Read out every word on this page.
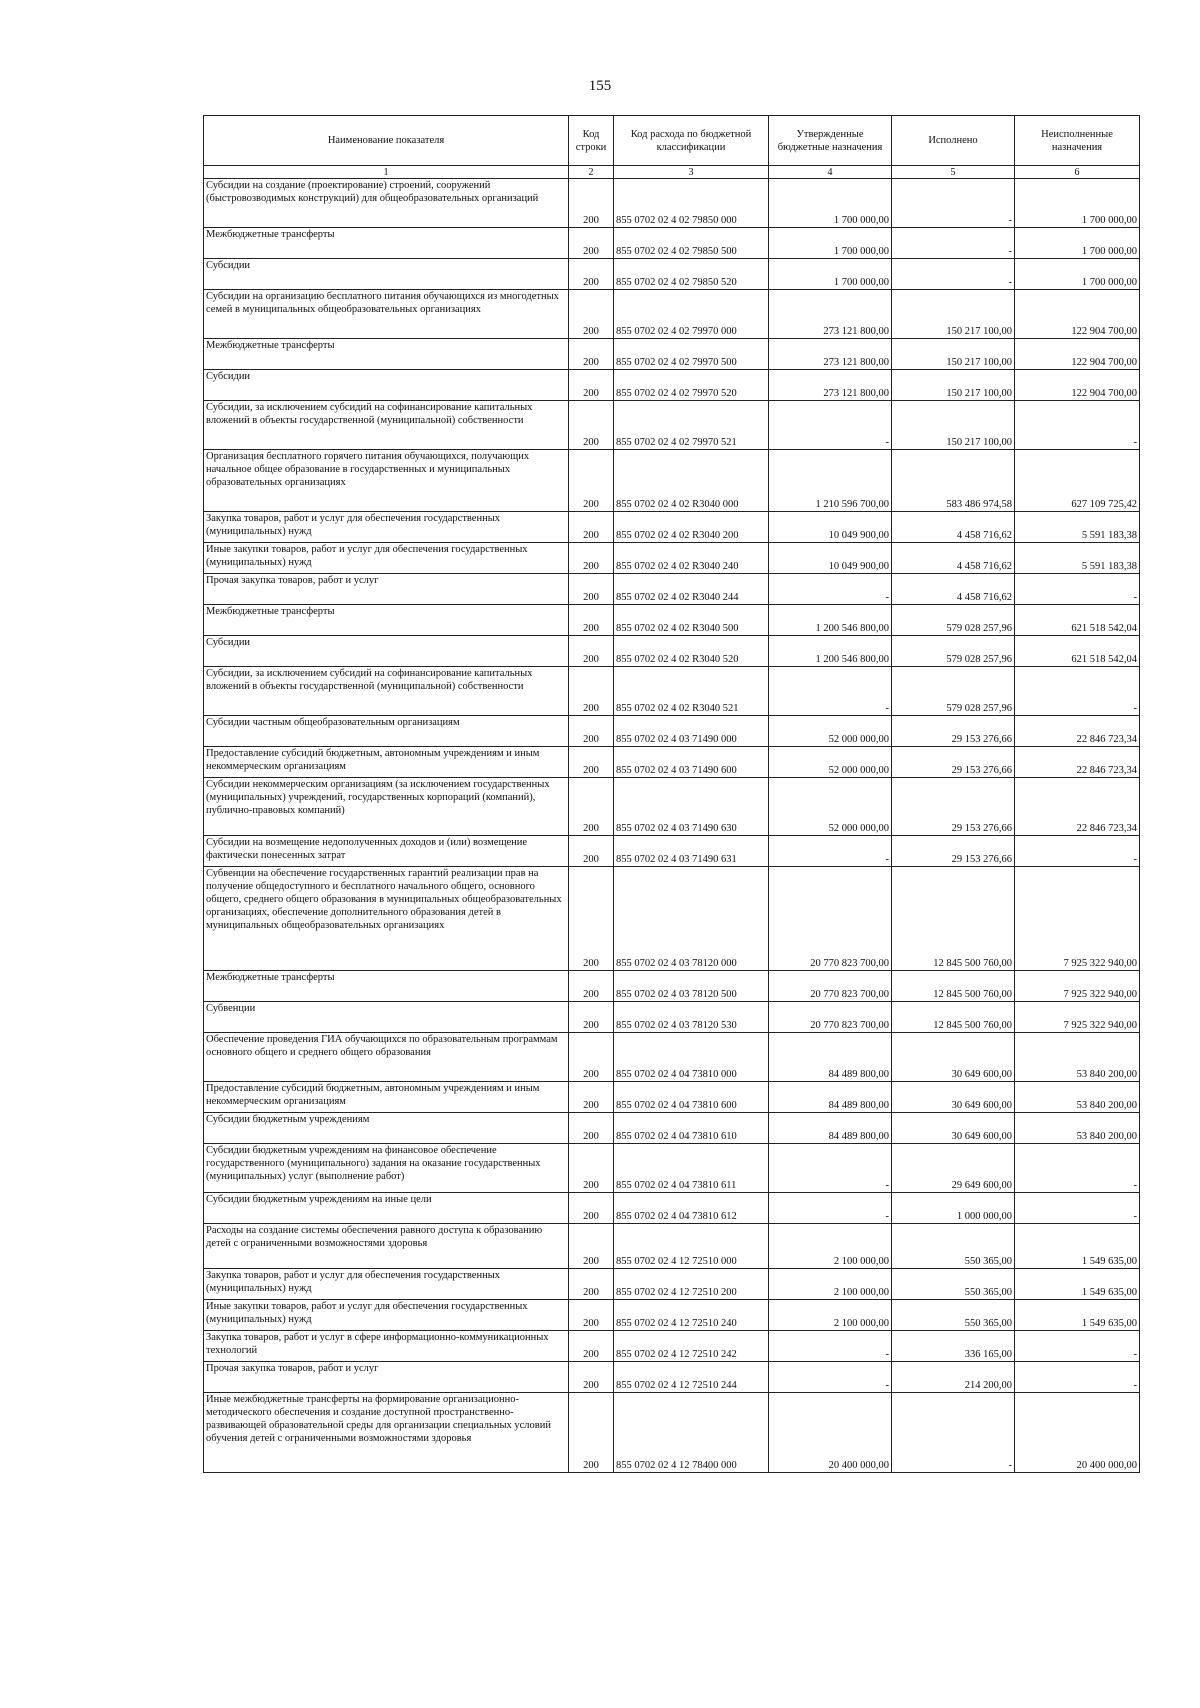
155
Наименование показателя	Код строки	Код расхода по бюджетной классификации	Утвержденные бюджетные назначения	Исполнено	Неисполненные назначения
1	2	3	4	5	6
Субсидии на создание (проектирование) строений, сооружений (быстровозводимых конструкций) для общеобразовательных организаций	200	855 0702 02 4 02 79850 000	1 700 000,00	-	1 700 000,00
Межбюджетные трансферты	200	855 0702 02 4 02 79850 500	1 700 000,00	-	1 700 000,00
Субсидии	200	855 0702 02 4 02 79850 520	1 700 000,00	-	1 700 000,00
Субсидии на организацию бесплатного питания обучающихся из многодетных семей в муниципальных общеобразовательных организациях	200	855 0702 02 4 02 79970 000	273 121 800,00	150 217 100,00	122 904 700,00
Межбюджетные трансферты	200	855 0702 02 4 02 79970 500	273 121 800,00	150 217 100,00	122 904 700,00
Субсидии	200	855 0702 02 4 02 79970 520	273 121 800,00	150 217 100,00	122 904 700,00
Субсидии, за исключением субсидий на софинансирование капитальных вложений в объекты государственной (муниципальной) собственности	200	855 0702 02 4 02 79970 521	-	150 217 100,00	-
Организация бесплатного горячего питания обучающихся, получающих начальное общее образование в государственных и муниципальных образовательных организациях	200	855 0702 02 4 02 R3040 000	1 210 596 700,00	583 486 974,58	627 109 725,42
Закупка товаров, работ и услуг для обеспечения государственных (муниципальных) нужд	200	855 0702 02 4 02 R3040 200	10 049 900,00	4 458 716,62	5 591 183,38
Иные закупки товаров, работ и услуг для обеспечения государственных (муниципальных) нужд	200	855 0702 02 4 02 R3040 240	10 049 900,00	4 458 716,62	5 591 183,38
Прочая закупка товаров, работ и услуг	200	855 0702 02 4 02 R3040 244	-	4 458 716,62	-
Межбюджетные трансферты	200	855 0702 02 4 02 R3040 500	1 200 546 800,00	579 028 257,96	621 518 542,04
Субсидии	200	855 0702 02 4 02 R3040 520	1 200 546 800,00	579 028 257,96	621 518 542,04
Субсидии, за исключением субсидий на софинансирование капитальных вложений в объекты государственной (муниципальной) собственности	200	855 0702 02 4 02 R3040 521	-	579 028 257,96	-
Субсидии частным общеобразовательным организациям	200	855 0702 02 4 03 71490 000	52 000 000,00	29 153 276,66	22 846 723,34
Предоставление субсидий бюджетным, автономным учреждениям и иным некоммерческим организациям	200	855 0702 02 4 03 71490 600	52 000 000,00	29 153 276,66	22 846 723,34
Субсидии некоммерческим организациям (за исключением государственных (муниципальных) учреждений, государственных корпораций (компаний), публично-правовых компаний)	200	855 0702 02 4 03 71490 630	52 000 000,00	29 153 276,66	22 846 723,34
Субсидии на возмещение недополученных доходов и (или) возмещение фактически понесенных затрат	200	855 0702 02 4 03 71490 631	-	29 153 276,66	-
Субвенции на обеспечение государственных гарантий реализации прав на получение общедоступного и бесплатного начального общего, основного общего, среднего общего образования в муниципальных общеобразовательных организациях, обеспечение дополнительного образования детей в муниципальных общеобразовательных организациях	200	855 0702 02 4 03 78120 000	20 770 823 700,00	12 845 500 760,00	7 925 322 940,00
Межбюджетные трансферты	200	855 0702 02 4 03 78120 500	20 770 823 700,00	12 845 500 760,00	7 925 322 940,00
Субвенции	200	855 0702 02 4 03 78120 530	20 770 823 700,00	12 845 500 760,00	7 925 322 940,00
Обеспечение проведения ГИА обучающихся по образовательным программам основного общего и среднего общего образования	200	855 0702 02 4 04 73810 000	84 489 800,00	30 649 600,00	53 840 200,00
Предоставление субсидий бюджетным, автономным учреждениям и иным некоммерческим организациям	200	855 0702 02 4 04 73810 600	84 489 800,00	30 649 600,00	53 840 200,00
Субсидии бюджетным учреждениям	200	855 0702 02 4 04 73810 610	84 489 800,00	30 649 600,00	53 840 200,00
Субсидии бюджетным учреждениям на финансовое обеспечение государственного (муниципального) задания на оказание государственных (муниципальных) услуг (выполнение работ)	200	855 0702 02 4 04 73810 611	-	29 649 600,00	-
Субсидии бюджетным учреждениям на иные цели	200	855 0702 02 4 04 73810 612	-	1 000 000,00	-
Расходы на создание системы обеспечения равного доступа к образованию детей с ограниченными возможностями здоровья	200	855 0702 02 4 12 72510 000	2 100 000,00	550 365,00	1 549 635,00
Закупка товаров, работ и услуг для обеспечения государственных (муниципальных) нужд	200	855 0702 02 4 12 72510 200	2 100 000,00	550 365,00	1 549 635,00
Иные закупки товаров, работ и услуг для обеспечения государственных (муниципальных) нужд	200	855 0702 02 4 12 72510 240	2 100 000,00	550 365,00	1 549 635,00
Закупка товаров, работ и услуг в сфере информационно-коммуникационных технологий	200	855 0702 02 4 12 72510 242	-	336 165,00	-
Прочая закупка товаров, работ и услуг	200	855 0702 02 4 12 72510 244	-	214 200,00	-
Иные межбюджетные трансферты на формирование организационно-методического обеспечения и создание доступной пространственно-развивающей образовательной среды для организации специальных условий обучения детей с ограниченными возможностями здоровья	200	855 0702 02 4 12 78400 000	20 400 000,00	-	20 400 000,00
